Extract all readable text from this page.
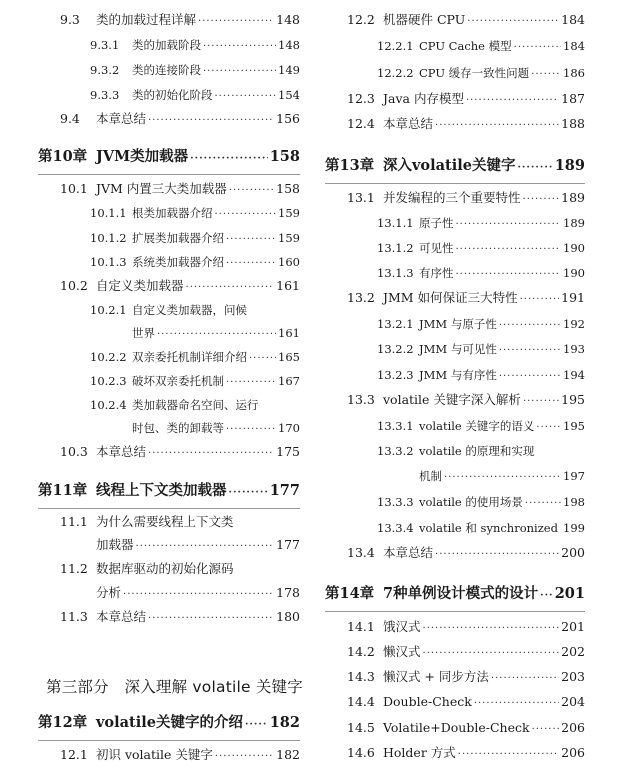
9.3	类的加载过程详解 ·····	148
9.3.1	类的加载阶段 ·····	148
9.3.2	类的连接阶段 ·····	149
9.3.3	类的初始化阶段 ·····	154
9.4	本章总结 ·····	156
第10章 JVM类加载器 ·····	158
10.1 JVM 内置三大类加载器 ·····	158
10.1.1 根类加载器介绍 ·····	159
10.1.2 扩展类加载器介绍 ·····	159
10.1.3 系统类加载器介绍 ·····	160
10.2 自定义类加载器 ·····	161
10.2.1 自定义类加载器，问候
世界 ·····	161
10.2.2 双亲委托机制详细介绍 ·····	165
10.2.3 破坏双亲委托机制 ·····	167
10.2.4 类加载器命名空间、运行
时包、类的卸载等 ·····	170
10.3 本章总结 ·····	175
第11章 线程上下文类加载器 ·····	177
11.1 为什么需要线程上下文类
加载器 ·····	177
11.2 数据库驱动的初始化源码
分析 ·····	178
11.3 本章总结 ·····	180
第12章 volatile关键字的介绍 ····· 182
12.1 初识 volatile 关键字 ·····	182
第三部分　深入理解 volatile 关键字
12.2 机器硬件 CPU ·····	184
12.2.1 CPU Cache 模型 ·····	184
12.2.2 CPU 缓存一致性问题 ·····	186
12.3 Java 内存模型 ·····	187
12.4 本章总结 ·····	188
第13章 深入volatile关键字 ·····	189
13.1 并发编程的三个重要特性 ·····	189
13.1.1 原子性 ·····	189
13.1.2 可见性 ·····	190
13.1.3 有序性 ·····	190
13.2 JMM 如何保证三大特性 ·····	191
13.2.1 JMM 与原子性 ·····	192
13.2.2 JMM 与可见性 ·····	193
13.2.3 JMM 与有序性 ·····	194
13.3 volatile 关键字深入解析 ·····	195
13.3.1 volatile 关键字的语义 ····· 195
13.3.2 volatile 的原理和实现
机制 ·····	197
13.3.3 volatile 的使用场景 ·····	198
13.3.4 volatile 和 synchronized ····· 199
13.4 本章总结 ·····	200
第14章 7种单例设计模式的设计 ····· 201
14.1 饿汉式 ·····	201
14.2 懒汉式 ·····	202
14.3 懒汉式 + 同步方法 ·····	203
14.4 Double-Check ·····	204
14.5 Volatile+Double-Check ·····	206
14.6 Holder 方式 ·····	206
